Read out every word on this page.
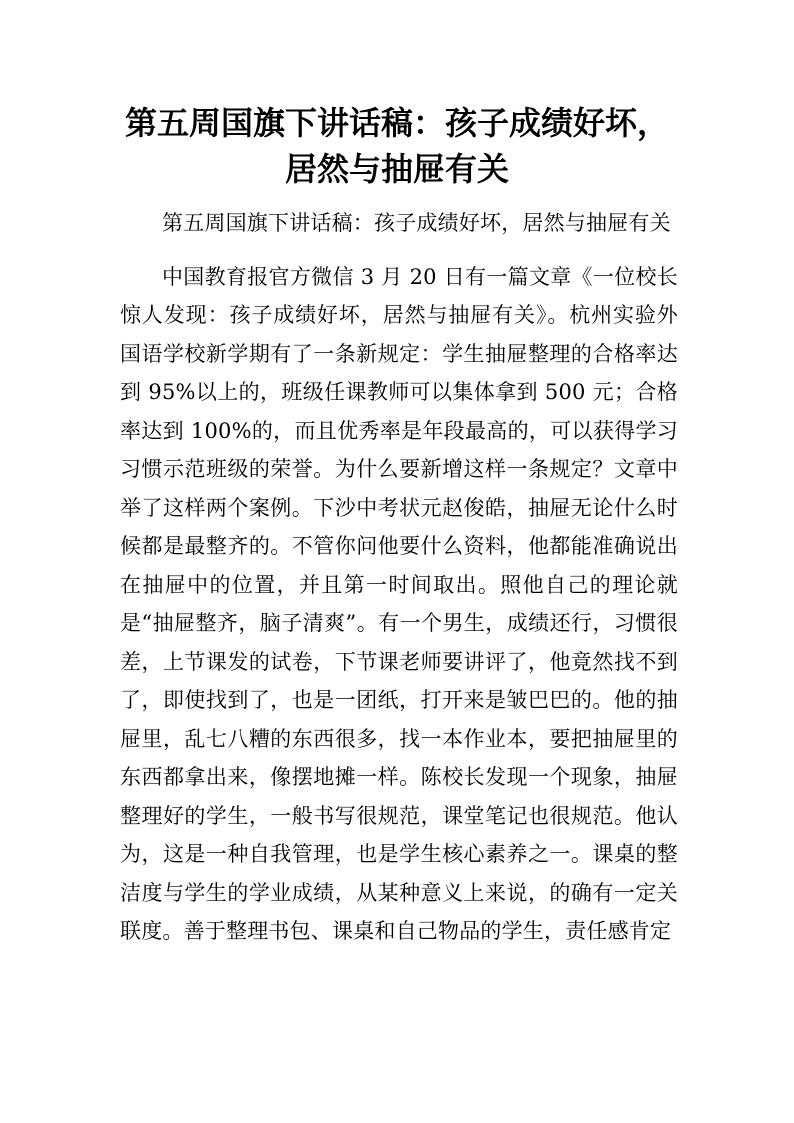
第五周国旗下讲话稿：孩子成绩好坏，
居然与抽屉有关

第五周国旗下讲话稿：孩子成绩好坏，居然与抽屉有关

中国教育报官方微信 3 月 20 日有一篇文章《一位校长惊人发现：孩子成绩好坏，居然与抽屉有关》。杭州实验外国语学校新学期有了一条新规定：学生抽屉整理的合格率达到 95%以上的，班级任课教师可以集体拿到 500 元；合格率达到 100%的，而且优秀率是年段最高的，可以获得学习习惯示范班级的荣誉。为什么要新增这样一条规定？文章中举了这样两个案例。下沙中考状元赵俊皓，抽屉无论什么时候都是最整齐的。不管你问他要什么资料，他都能准确说出在抽屉中的位置，并且第一时间取出。照他自己的理论就是“抽屉整齐，脑子清爽”。有一个男生，成绩还行，习惯很差，上节课发的试卷，下节课老师要讲评了，他竟然找不到了，即使找到了，也是一团纸，打开来是皱巴巴的。他的抽屉里，乱七八糟的东西很多，找一本作业本，要把抽屉里的东西都拿出来，像摆地摊一样。陈校长发现一个现象，抽屉整理好的学生，一般书写很规范，课堂笔记也很规范。他认为，这是一种自我管理，也是学生核心素养之一。课桌的整洁度与学生的学业成绩，从某种意义上来说，的确有一定关联度。善于整理书包、课桌和自己物品的学生，责任感肯定
